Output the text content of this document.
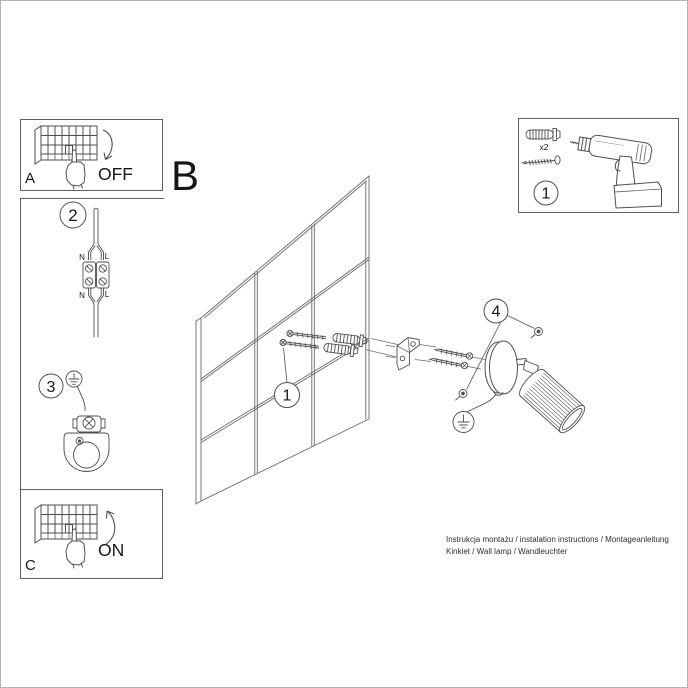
OFF
A
2
N L
N L
3
ON
C
B
x2
1
1
4
Instrukcja montażu / instalation instructions / Montageanleitung
Kinkiet / Wall lamp / Wandleuchter
